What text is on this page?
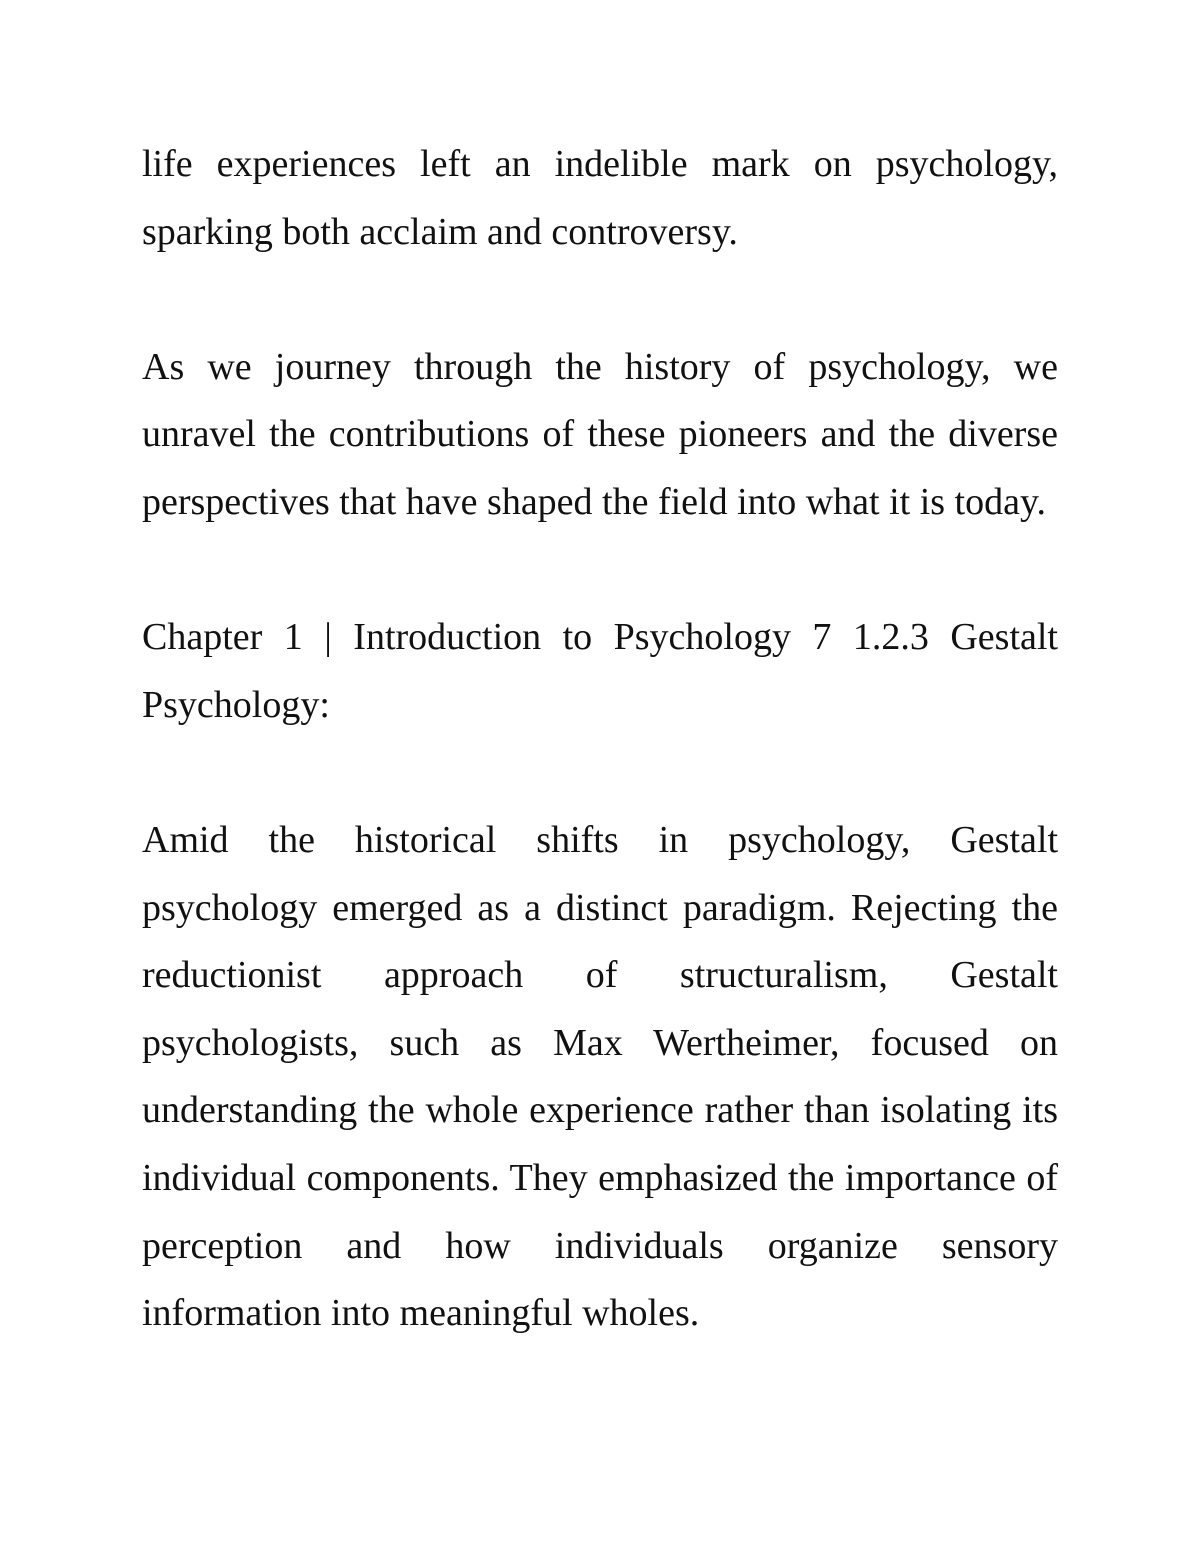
life experiences left an indelible mark on psychology, sparking both acclaim and controversy.

As we journey through the history of psychology, we unravel the contributions of these pioneers and the diverse perspectives that have shaped the field into what it is today.

Chapter 1 | Introduction to Psychology 7 1.2.3 Gestalt Psychology:

Amid the historical shifts in psychology, Gestalt psychology emerged as a distinct paradigm. Rejecting the reductionist approach of structuralism, Gestalt psychologists, such as Max Wertheimer, focused on understanding the whole experience rather than isolating its individual components. They emphasized the importance of perception and how individuals organize sensory information into meaningful wholes.
